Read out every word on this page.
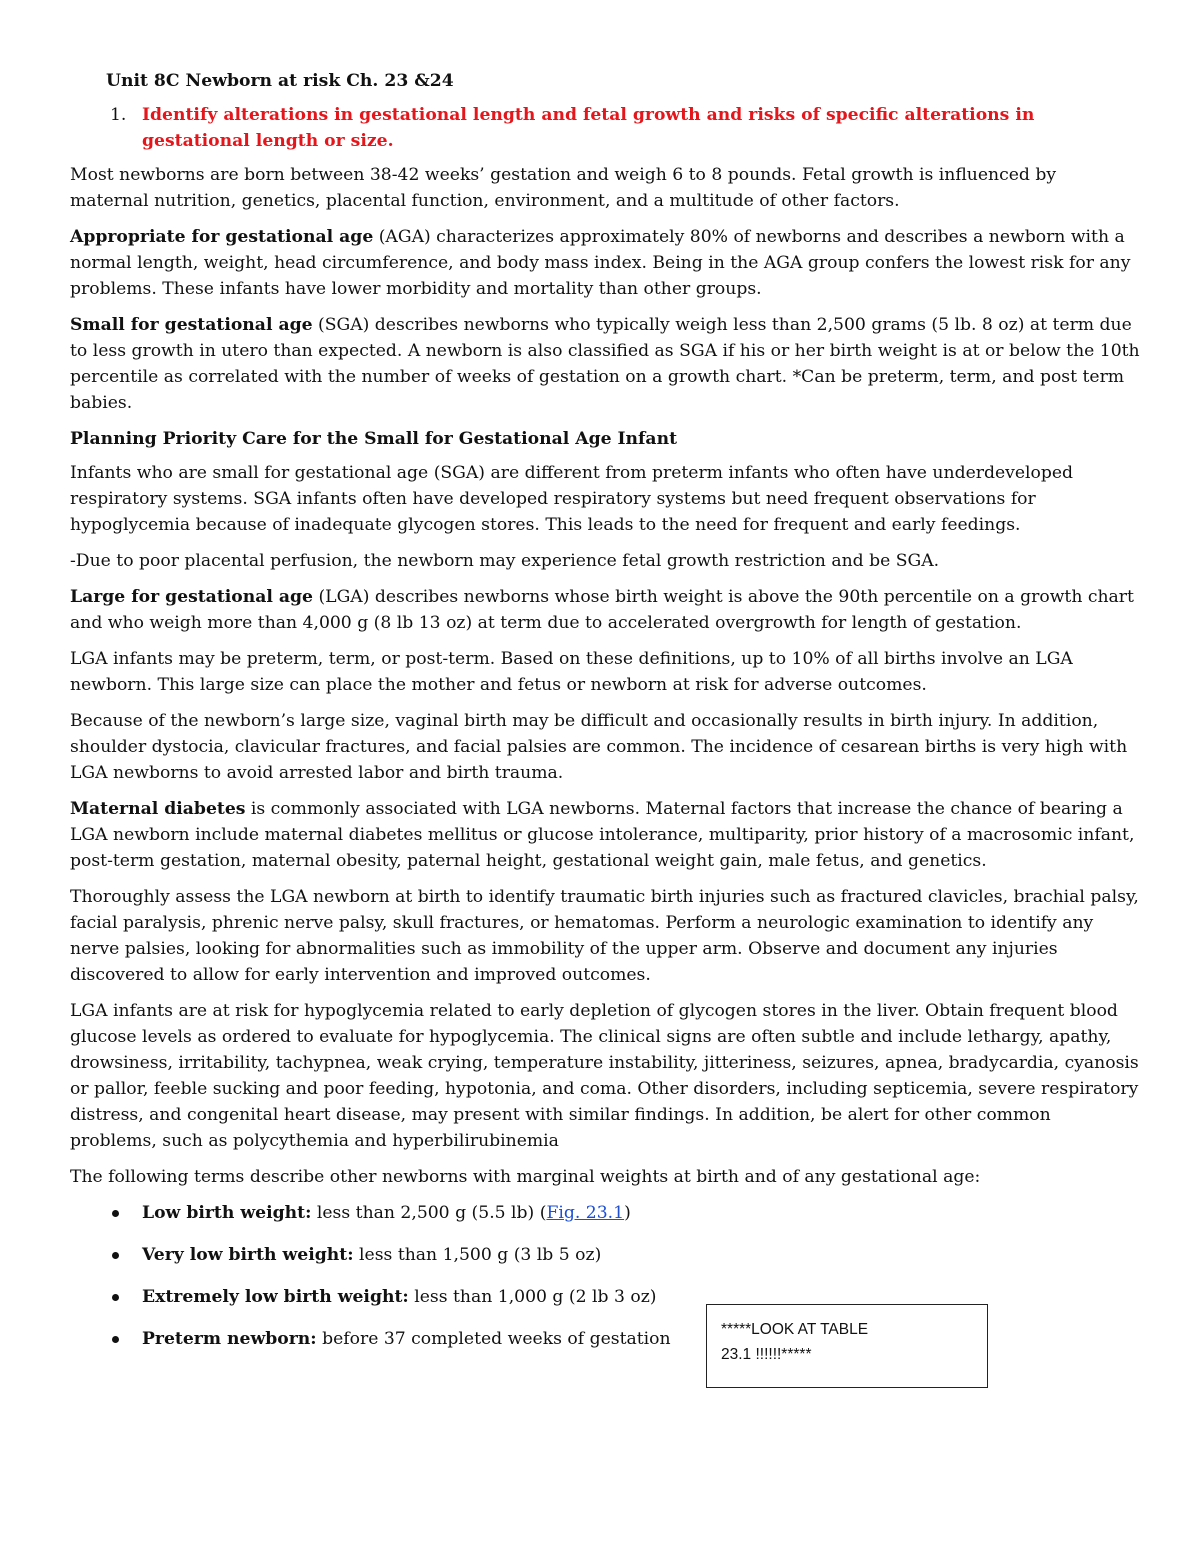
Unit 8C Newborn at risk Ch. 23 &24
1. Identify alterations in gestational length and fetal growth and risks of specific alterations in gestational length or size.

Most newborns are born between 38-42 weeks’ gestation and weigh 6 to 8 pounds. Fetal growth is influenced by maternal nutrition, genetics, placental function, environment, and a multitude of other factors.

Appropriate for gestational age (AGA) characterizes approximately 80% of newborns and describes a newborn with a normal length, weight, head circumference, and body mass index. Being in the AGA group confers the lowest risk for any problems. These infants have lower morbidity and mortality than other groups.

Small for gestational age (SGA) describes newborns who typically weigh less than 2,500 grams (5 lb. 8 oz) at term due to less growth in utero than expected. A newborn is also classified as SGA if his or her birth weight is at or below the 10th percentile as correlated with the number of weeks of gestation on a growth chart. *Can be preterm, term, and post term babies.

Planning Priority Care for the Small for Gestational Age Infant

Infants who are small for gestational age (SGA) are different from preterm infants who often have underdeveloped respiratory systems. SGA infants often have developed respiratory systems but need frequent observations for hypoglycemia because of inadequate glycogen stores. This leads to the need for frequent and early feedings.

-Due to poor placental perfusion, the newborn may experience fetal growth restriction and be SGA.

Large for gestational age (LGA) describes newborns whose birth weight is above the 90th percentile on a growth chart and who weigh more than 4,000 g (8 lb 13 oz) at term due to accelerated overgrowth for length of gestation.

LGA infants may be preterm, term, or post-term. Based on these definitions, up to 10% of all births involve an LGA newborn. This large size can place the mother and fetus or newborn at risk for adverse outcomes.

Because of the newborn’s large size, vaginal birth may be difficult and occasionally results in birth injury. In addition, shoulder dystocia, clavicular fractures, and facial palsies are common. The incidence of cesarean births is very high with LGA newborns to avoid arrested labor and birth trauma.

Maternal diabetes is commonly associated with LGA newborns. Maternal factors that increase the chance of bearing a LGA newborn include maternal diabetes mellitus or glucose intolerance, multiparity, prior history of a macrosomic infant, post-term gestation, maternal obesity, paternal height, gestational weight gain, male fetus, and genetics.

Thoroughly assess the LGA newborn at birth to identify traumatic birth injuries such as fractured clavicles, brachial palsy, facial paralysis, phrenic nerve palsy, skull fractures, or hematomas. Perform a neurologic examination to identify any nerve palsies, looking for abnormalities such as immobility of the upper arm. Observe and document any injuries discovered to allow for early intervention and improved outcomes.

LGA infants are at risk for hypoglycemia related to early depletion of glycogen stores in the liver. Obtain frequent blood glucose levels as ordered to evaluate for hypoglycemia. The clinical signs are often subtle and include lethargy, apathy, drowsiness, irritability, tachypnea, weak crying, temperature instability, jitteriness, seizures, apnea, bradycardia, cyanosis or pallor, feeble sucking and poor feeding, hypotonia, and coma. Other disorders, including septicemia, severe respiratory distress, and congenital heart disease, may present with similar findings. In addition, be alert for other common problems, such as polycythemia and hyperbilirubinemia

The following terms describe other newborns with marginal weights at birth and of any gestational age:

Low birth weight: less than 2,500 g (5.5 lb) (Fig. 23.1)
Very low birth weight: less than 1,500 g (3 lb 5 oz)
Extremely low birth weight: less than 1,000 g (2 lb 3 oz)
Preterm newborn: before 37 completed weeks of gestation	*****LOOK AT TABLE
23.1 !!!!!!*****
